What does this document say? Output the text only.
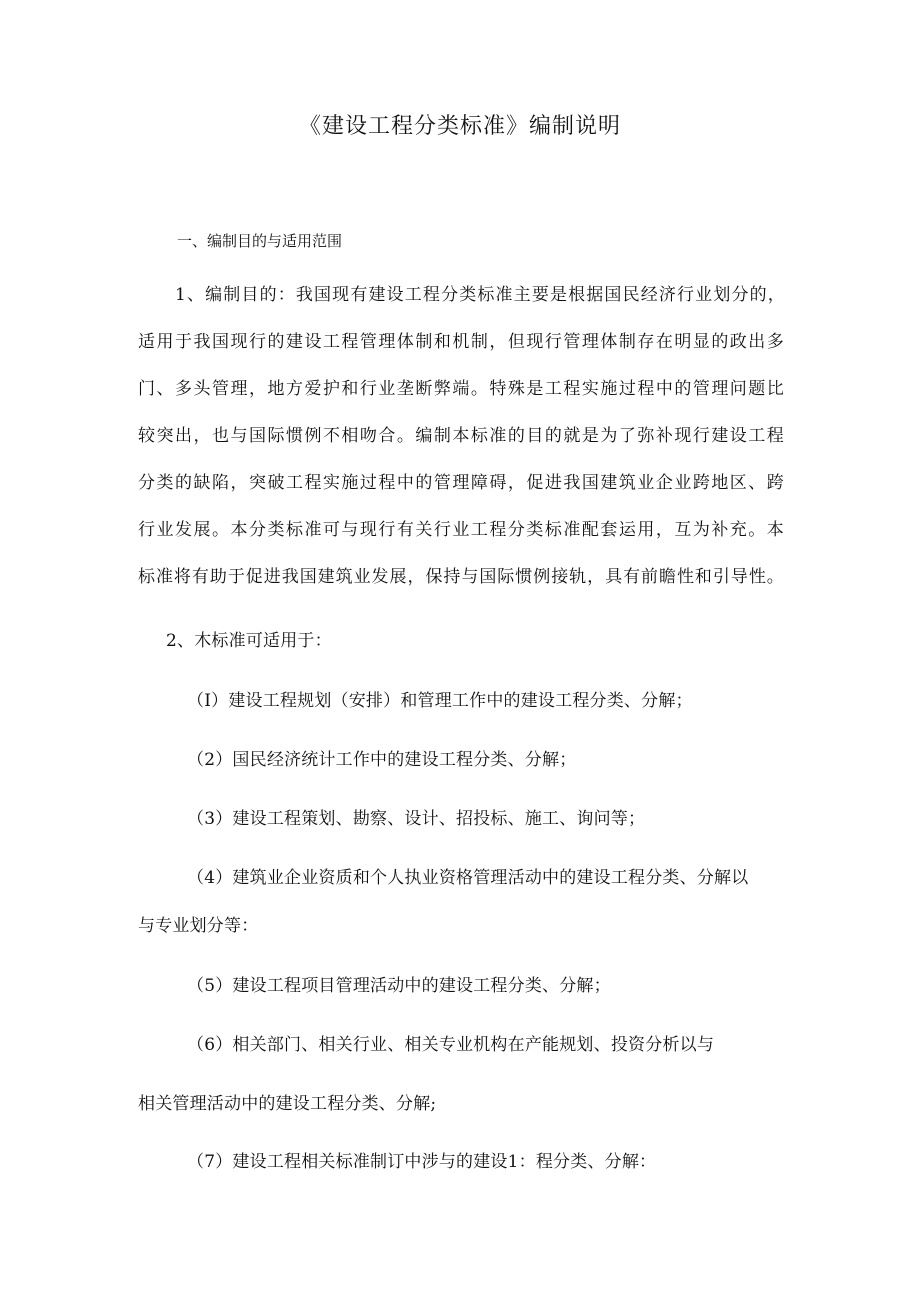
《建设工程分类标准》编制说明
一、编制目的与适用范围
1、编制目的：我国现有建设工程分类标准主要是根据国民经济行业划分的，
适用于我国现行的建设工程管理体制和机制，但现行管理体制存在明显的政出多
门、多头管理，地方爱护和行业垄断弊端。特殊是工程实施过程中的管理问题比
较突出，也与国际惯例不相吻合。编制本标准的目的就是为了弥补现行建设工程
分类的缺陷，突破工程实施过程中的管理障碍，促进我国建筑业企业跨地区、跨
行业发展。本分类标准可与现行有关行业工程分类标准配套运用，互为补充。本
标准将有助于促进我国建筑业发展，保持与国际惯例接轨，具有前瞻性和引导性。
2、木标准可适用于：
（I）建设工程规划（安排）和管理工作中的建设工程分类、分解；
（2）国民经济统计工作中的建设工程分类、分解；
（3）建设工程策划、勘察、设计、招投标、施工、询问等；
（4）建筑业企业资质和个人执业资格管理活动中的建设工程分类、分解以
与专业划分等：
（5）建设工程项目管理活动中的建设工程分类、分解；
（6）相关部门、相关行业、相关专业机构在产能规划、投资分析以与
相关管理活动中的建设工程分类、分解;
（7）建设工程相关标准制订中涉与的建设1：程分类、分解：
